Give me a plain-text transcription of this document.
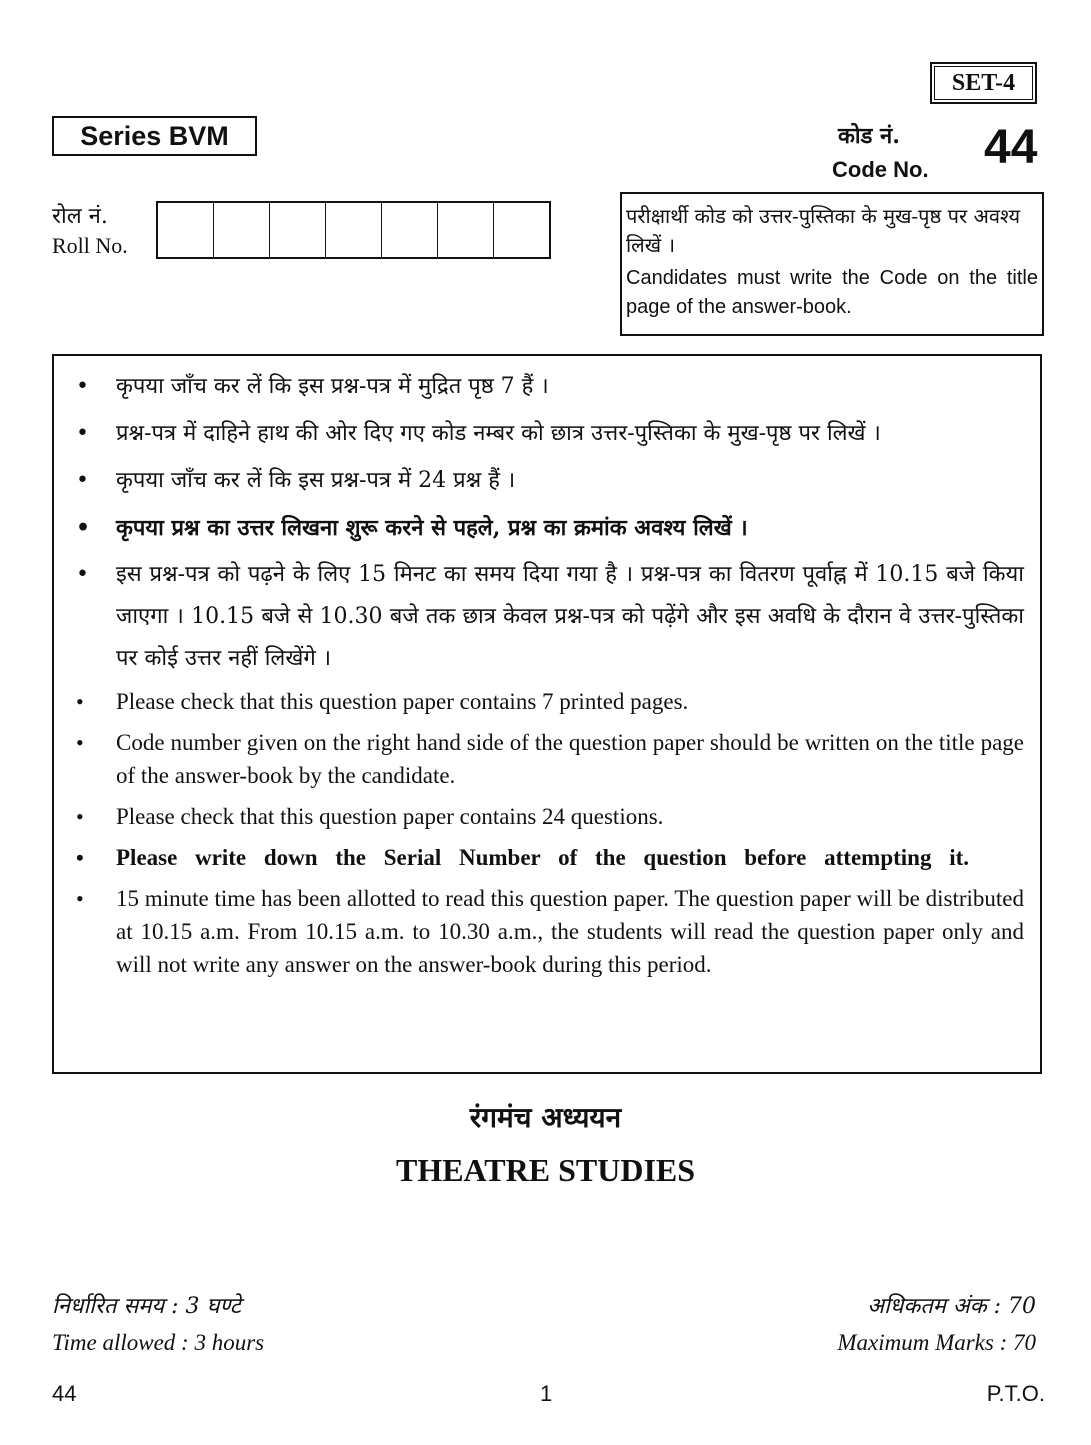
SET-4
Series BVM	कोड नं.
Code No. 44
रोल नं.
Roll No.
परीक्षार्थी कोड को उत्तर-पुस्तिका के मुख-पृष्ठ पर अवश्य लिखें ।
Candidates must write the Code on the title page of the answer-book.
• कृपया जाँच कर लें कि इस प्रश्न-पत्र में मुद्रित पृष्ठ 7 हैं ।
• प्रश्न-पत्र में दाहिने हाथ की ओर दिए गए कोड नम्बर को छात्र उत्तर-पुस्तिका के मुख-पृष्ठ पर लिखें ।
• कृपया जाँच कर लें कि इस प्रश्न-पत्र में 24 प्रश्न हैं ।
• कृपया प्रश्न का उत्तर लिखना शुरू करने से पहले, प्रश्न का क्रमांक अवश्य लिखें ।
• इस प्रश्न-पत्र को पढ़ने के लिए 15 मिनट का समय दिया गया है । प्रश्न-पत्र का वितरण पूर्वाह्न में 10.15 बजे किया जाएगा । 10.15 बजे से 10.30 बजे तक छात्र केवल प्रश्न-पत्र को पढ़ेंगे और इस अवधि के दौरान वे उत्तर-पुस्तिका पर कोई उत्तर नहीं लिखेंगे ।
• Please check that this question paper contains 7 printed pages.
• Code number given on the right hand side of the question paper should be written on the title page of the answer-book by the candidate.
• Please check that this question paper contains 24 questions.
• Please write down the Serial Number of the question before attempting it.
• 15 minute time has been allotted to read this question paper. The question paper will be distributed at 10.15 a.m. From 10.15 a.m. to 10.30 a.m., the students will read the question paper only and will not write any answer on the answer-book during this period.
रंगमंच अध्ययन
THEATRE STUDIES
निर्धारित समय : 3 घण्टे
Time allowed : 3 hours
अधिकतम अंक : 70
Maximum Marks : 70
44	1	P.T.O.
